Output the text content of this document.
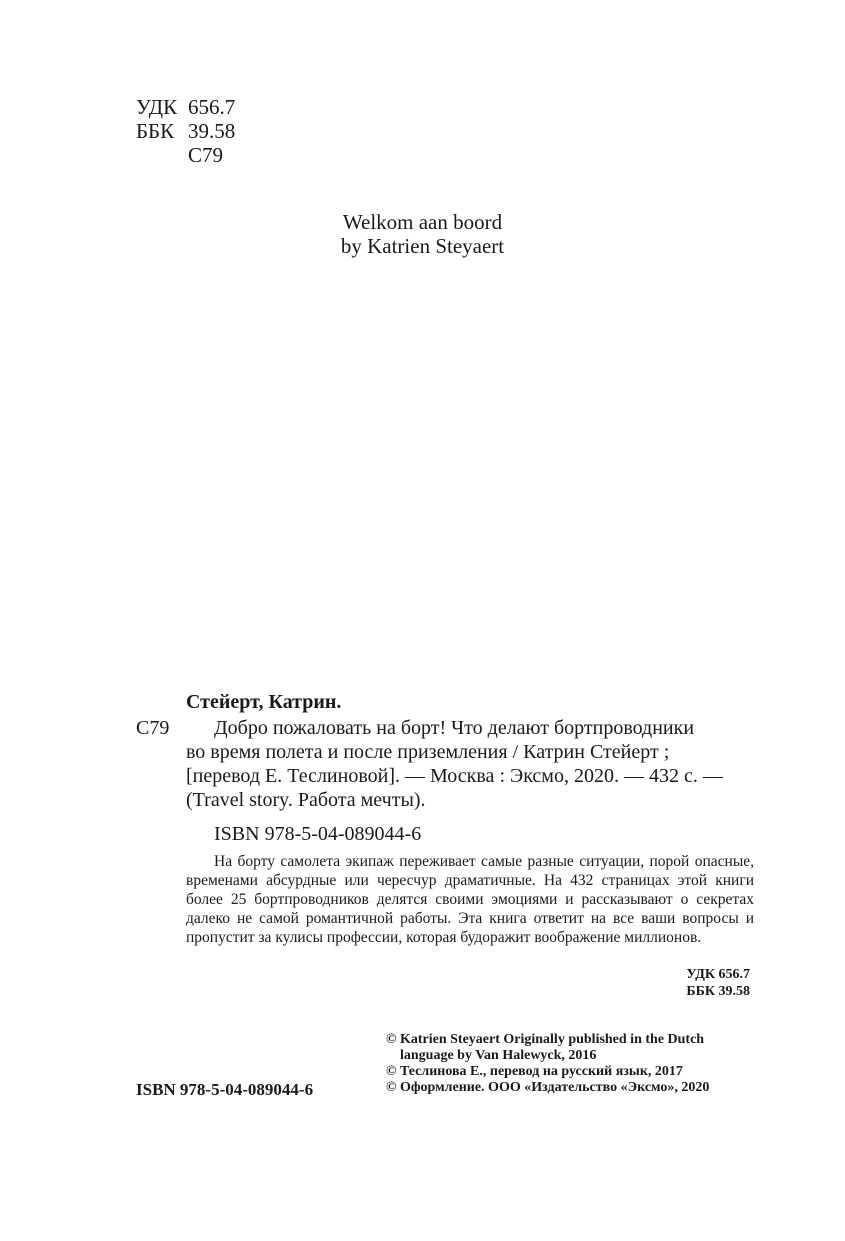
УДК 656.7
ББК 39.58
С79
Welkom aan boord
by Katrien Steyaert
Стейерт, Катрин.
С79 Добро пожаловать на борт! Что делают бортпроводники
во время полета и после приземления / Катрин Стейерт ;
[перевод Е. Теслиновой]. — Москва : Эксмо, 2020. — 432 с. —
(Travel story. Работа мечты).
ISBN 978-5-04-089044-6
На борту самолета экипаж переживает самые разные ситуации, порой опасные, временами абсурдные или чересчур драматичные. На 432 страницах этой книги более 25 бортпроводников делятся своими эмоциями и рассказывают о секретах далеко не самой романтичной работы. Эта книга ответит на все ваши вопросы и пропустит за кулисы профессии, которая будоражит воображение миллионов.
УДК 656.7
ББК 39.58
ISBN 978-5-04-089044-6

© Katrien Steyaert Originally published in the Dutch

language by Van Halewyck, 2016

© Теслинова Е., перевод на русский язык, 2017

© Оформление. ООО «Издательство «Эксмо», 2020
